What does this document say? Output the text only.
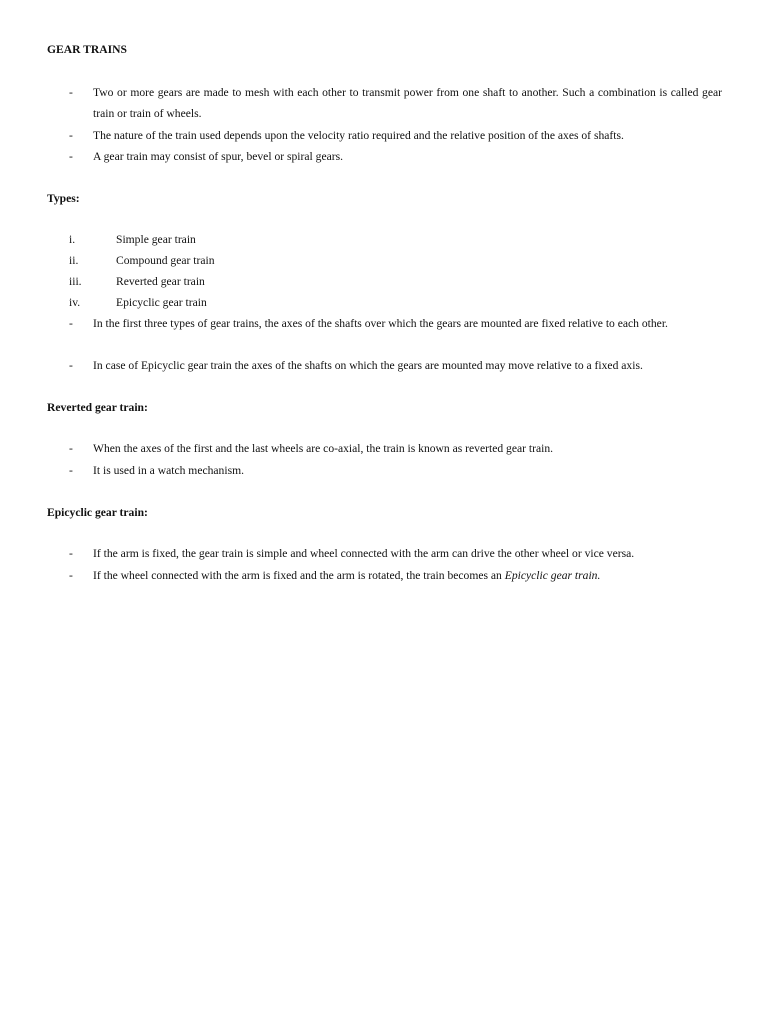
GEAR TRAINS
- Two or more gears are made to mesh with each other to transmit power from one shaft to another. Such a combination is called gear train or train of wheels.
- The nature of the train used depends upon the velocity ratio required and the relative position of the axes of shafts.
- A gear train may consist of spur, bevel or spiral gears.
Types:
i.	Simple gear train
ii.	Compound gear train
iii.	Reverted gear train
iv.	Epicyclic gear train
- In the first three types of gear trains, the axes of the shafts over which the gears are mounted are fixed relative to each other.
- In case of Epicyclic gear train the axes of the shafts on which the gears are mounted may move relative to a fixed axis.
Reverted gear train:
- When the axes of the first and the last wheels are co-axial, the train is known as reverted gear train.
- It is used in a watch mechanism.
Epicyclic gear train:
- If the arm is fixed, the gear train is simple and wheel connected with the arm can drive the other wheel or vice versa.
- If the wheel connected with the arm is fixed and the arm is rotated, the train becomes an Epicyclic gear train.
